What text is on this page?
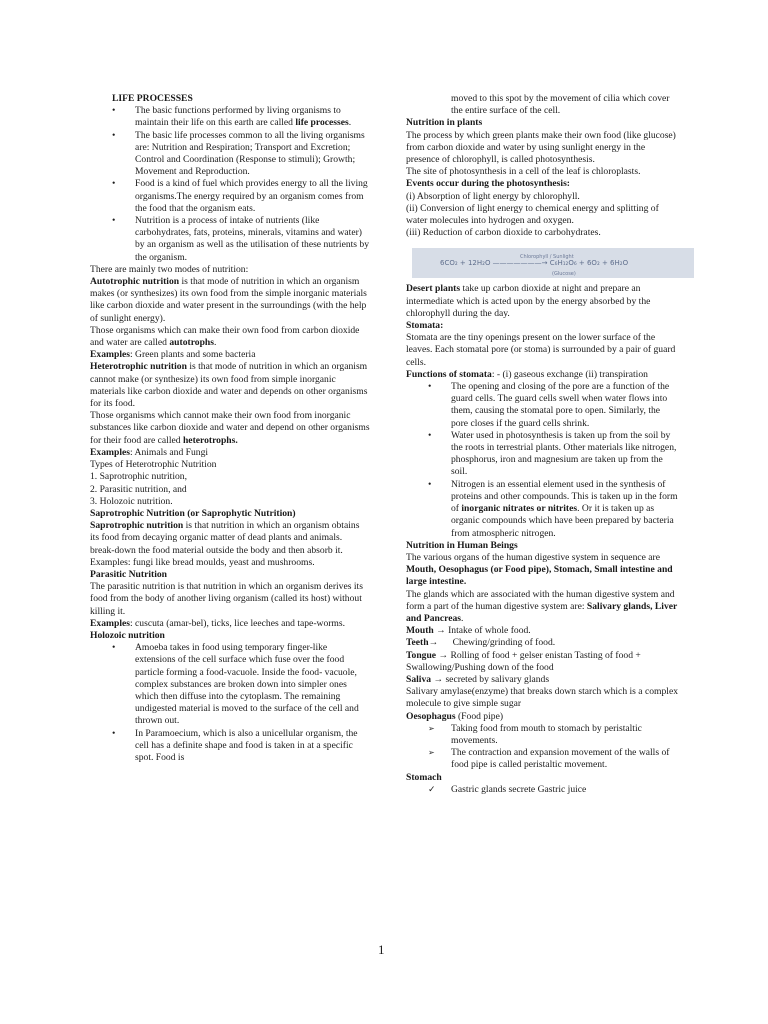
LIFE PROCESSES

• The basic functions performed by living organisms to maintain their life on this earth are called life processes.
• The basic life processes common to all the living organisms are: Nutrition and Respiration; Transport and Excretion; Control and Coordination (Response to stimuli); Growth; Movement and Reproduction.
• Food is a kind of fuel which provides energy to all the living organisms.The energy required by an organism comes from the food that the organism eats.
• Nutrition is a process of intake of nutrients (like carbohydrates, fats, proteins, minerals, vitamins and water) by an organism as well as the utilisation of these nutrients by the organism.

There are mainly two modes of nutrition:

Autotrophic nutrition is that mode of nutrition in which an organism makes (or synthesizes) its own food from the simple inorganic materials like carbon dioxide and water present in the surroundings (with the help of sunlight energy).

Those organisms which can make their own food from carbon dioxide and water are called autotrophs.

Examples: Green plants and some bacteria

Heterotrophic nutrition is that mode of nutrition in which an organism cannot make (or synthesize) its own food from simple inorganic materials like carbon dioxide and water and depends on other organisms for its food.

Those organisms which cannot make their own food from inorganic substances like carbon dioxide and water and depend on other organisms for their food are called heterotrophs.

Examples: Animals and Fungi

Types of Heterotrophic Nutrition

1. Saprotrophic nutrition,

2. Parasitic nutrition, and

3. Holozoic nutrition.

Saprotrophic Nutrition (or Saprophytic Nutrition)

Saprotrophic nutrition is that nutrition in which an organism obtains its food from decaying organic matter of dead plants and animals.

break-down the food material outside the body and then absorb it.

Examples: fungi like bread moulds, yeast and mushrooms.

Parasitic Nutrition

The parasitic nutrition is that nutrition in which an organism derives its food from the body of another living organism (called its host) without killing it.

Examples: cuscuta (amar-bel), ticks, lice leeches and tape-worms.

Holozoic nutrition

• Amoeba takes in food using temporary finger-like extensions of the cell surface which fuse over the food particle forming a food-vacuole. Inside the food- vacuole, complex substances are broken down into simpler ones which then diffuse into the cytoplasm. The remaining undigested material is moved to the surface of the cell and thrown out.
• In Paramoecium, which is also a unicellular organism, the cell has a definite shape and food is taken in at a specific spot. Food is

moved to this spot by the movement of cilia which cover the entire surface of the cell.

Nutrition in plants

The process by which green plants make their own food (like glucose) from carbon dioxide and water by using sunlight energy in the presence of chlorophyll, is called photosynthesis.

The site of photosynthesis in a cell of the leaf is chloroplasts.

Events occur during the photosynthesis:

(i) Absorption of light energy by chlorophyll.

(ii) Conversion of light energy to chemical energy and splitting of water molecules into hydrogen and oxygen.

(iii) Reduction of carbon dioxide to carbohydrates.

Chlorophyll / Sunlight
6CO₂ + 12H₂O ———————→ C₆H₁₂O₆ + 6O₂ + 6H₂O
(Glucose)

Desert plants take up carbon dioxide at night and prepare an intermediate which is acted upon by the energy absorbed by the chlorophyll during the day.

Stomata:

Stomata are the tiny openings present on the lower surface of the leaves. Each stomatal pore (or stoma) is surrounded by a pair of guard cells.

Functions of stomata: - (i) gaseous exchange (ii) transpiration

• The opening and closing of the pore are a function of the guard cells. The guard cells swell when water flows into them, causing the stomatal pore to open. Similarly, the pore closes if the guard cells shrink.
• Water used in photosynthesis is taken up from the soil by the roots in terrestrial plants. Other materials like nitrogen, phosphorus, iron and magnesium are taken up from the soil.
• Nitrogen is an essential element used in the synthesis of proteins and other compounds. This is taken up in the form of inorganic nitrates or nitrites. Or it is taken up as organic compounds which have been prepared by bacteria from atmospheric nitrogen.

Nutrition in Human Beings

The various organs of the human digestive system in sequence are Mouth, Oesophagus (or Food pipe), Stomach, Small intestine and large intestine.

The glands which are associated with the human digestive system and form a part of the human digestive system are: Salivary glands, Liver and Pancreas.

Mouth → Intake of whole food.

Teeth→      Chewing/grinding of food.

Tongue → Rolling of food + gelser enistan Tasting of food + Swallowing/Pushing down of the food

Saliva → secreted by salivary glands

Salivary amylase(enzyme) that breaks down starch which is a complex molecule to give simple sugar

Oesophagus (Food pipe)

➢ Taking food from mouth to stomach by peristaltic movements.
➢ The contraction and expansion movement of the walls of food pipe is called peristaltic movement.

Stomach

✓ Gastric glands secrete Gastric juice
1
